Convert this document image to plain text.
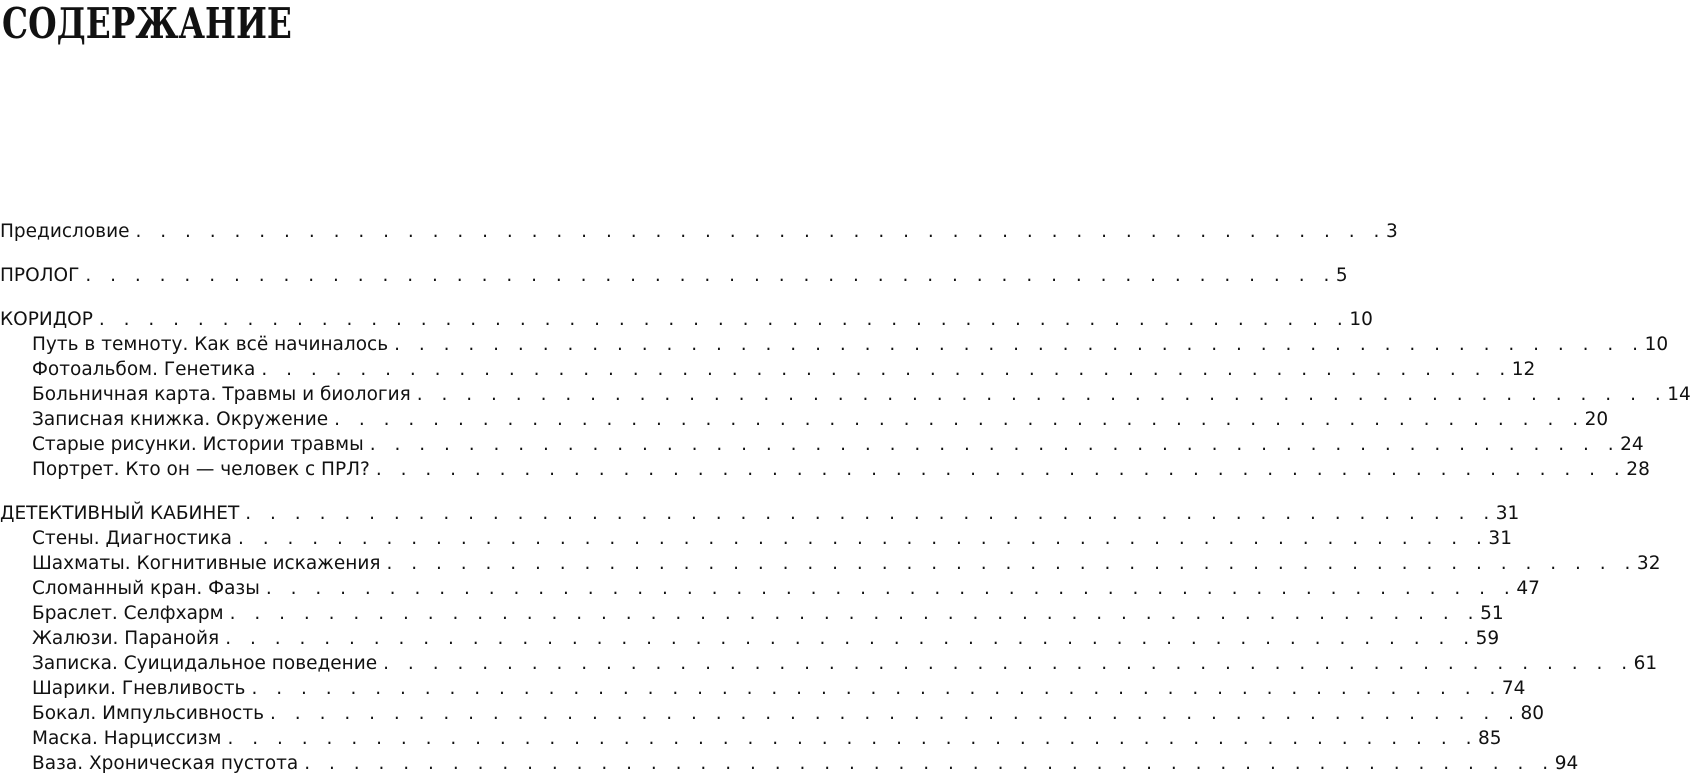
СОДЕРЖАНИЕ
Предисловие . . . . . . . . . . . . . . . . . . . . . . . . . . . . . . . . . . . . . . . . . . . . . . . . . . . 3
ПРОЛОГ . . . . . . . . . . . . . . . . . . . . . . . . . . . . . . . . . . . . . . . . . . . . . . . . . . . 5
КОРИДОР . . . . . . . . . . . . . . . . . . . . . . . . . . . . . . . . . . . . . . . . . . . . . . . . . . . 10
Путь в темноту. Как всё начиналось . . . . . . . . . . . . . . . . . . . . . . . . . . . . . . . . . . . . . . . . . . . . . . . . . . . 10
Фотоальбом. Генетика . . . . . . . . . . . . . . . . . . . . . . . . . . . . . . . . . . . . . . . . . . . . . . . . . . . 12
Больничная карта. Травмы и биология . . . . . . . . . . . . . . . . . . . . . . . . . . . . . . . . . . . . . . . . . . . . . . . . . . . 14
Записная книжка. Окружение . . . . . . . . . . . . . . . . . . . . . . . . . . . . . . . . . . . . . . . . . . . . . . . . . . . 20
Старые рисунки. Истории травмы . . . . . . . . . . . . . . . . . . . . . . . . . . . . . . . . . . . . . . . . . . . . . . . . . . . 24
Портрет. Кто он — человек с ПРЛ? . . . . . . . . . . . . . . . . . . . . . . . . . . . . . . . . . . . . . . . . . . . . . . . . . . . 28
ДЕТЕКТИВНЫЙ КАБИНЕТ . . . . . . . . . . . . . . . . . . . . . . . . . . . . . . . . . . . . . . . . . . . . . . . . . . . 31
Стены. Диагностика . . . . . . . . . . . . . . . . . . . . . . . . . . . . . . . . . . . . . . . . . . . . . . . . . . . 31
Шахматы. Когнитивные искажения . . . . . . . . . . . . . . . . . . . . . . . . . . . . . . . . . . . . . . . . . . . . . . . . . . . 32
Сломанный кран. Фазы . . . . . . . . . . . . . . . . . . . . . . . . . . . . . . . . . . . . . . . . . . . . . . . . . . . 47
Браслет. Селфхарм . . . . . . . . . . . . . . . . . . . . . . . . . . . . . . . . . . . . . . . . . . . . . . . . . . . 51
Жалюзи. Паранойя . . . . . . . . . . . . . . . . . . . . . . . . . . . . . . . . . . . . . . . . . . . . . . . . . . . 59
Записка. Суицидальное поведение . . . . . . . . . . . . . . . . . . . . . . . . . . . . . . . . . . . . . . . . . . . . . . . . . . . 61
Шарики. Гневливость . . . . . . . . . . . . . . . . . . . . . . . . . . . . . . . . . . . . . . . . . . . . . . . . . . . 74
Бокал. Импульсивность . . . . . . . . . . . . . . . . . . . . . . . . . . . . . . . . . . . . . . . . . . . . . . . . . . . 80
Маска. Нарциссизм . . . . . . . . . . . . . . . . . . . . . . . . . . . . . . . . . . . . . . . . . . . . . . . . . . . 85
Ваза. Хроническая пустота . . . . . . . . . . . . . . . . . . . . . . . . . . . . . . . . . . . . . . . . . . . . . . . . . . . 94
